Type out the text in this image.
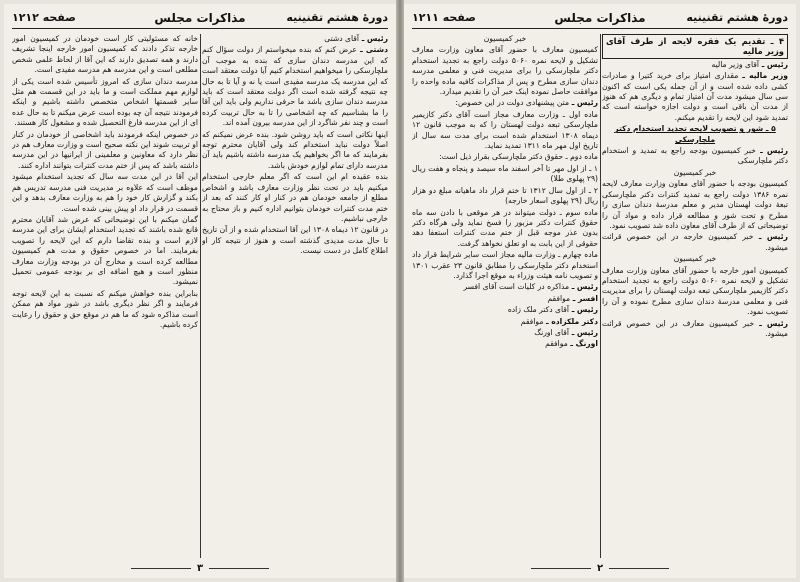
دورهٔ هشتم تقنینیه
مذاکرات مجلس
صفحه ۱۲۱۲

رئیس ـ آقای دشتی

دشتی ـ عرض کنم که بنده میخواستم از دولت سؤال کنم که این مدرسه دندان سازی که بنده به موجب آن ملچارسکی را میخواهیم استخدام کنیم آیا دولت معتقد است که این مدرسه یک مدرسه مفیدی است یا نه و آیا تا به حال چه نتیجه گرفته شده است اگر دولت معتقد است که باید مدرسه دندان سازی باشد ما حرفی نداریم ولی باید این آقا را ما بشناسیم که چه اشخاصی را تا به حال تربیت کرده است و چند نفر شاگرد از این مدرسه بیرون آمده اند.

اینها نکاتی است که باید روشن شود. بنده عرض نمیکنم که اصلاً دولت نباید استخدام کند ولی آقایان محترم توجه بفرمایند که ما اگر بخواهیم یک مدرسه داشته باشیم باید آن مدرسه دارای تمام لوازم خودش باشد.

بنده عقیده ام این است که اگر معلم خارجی استخدام میکنیم باید در تحت نظر وزارت معارف باشد و اشخاص مطلع از جامعه خودمان هم در کنار او کار کنند که بعد از ختم مدت کنترات خودمان بتوانیم اداره کنیم و باز محتاج به خارجی نباشیم.

در قانون ۱۲ دیماه ۱۳۰۸ این آقا استخدام شده و از آن تاریخ تا حال مدت مدیدی گذشته است و هنوز از نتیجه کار او اطلاع کامل در دست نیست.

خانه که مسئولیتی کار است خودمان در کمیسیون امور خارجه تذکر دادند که کمیسیون امور خارجه اینجا تشریف دارند و همه تصدیق دارند که این آقا از لحاظ علمی شخص مطلعی است و این مدرسه هم مدرسه مفیدی است.

مدرسه دندان سازی که امروز تأسیس شده است یکی از لوازم مهم مملکت است و ما باید در این قسمت هم مثل سایر قسمتها اشخاص متخصص داشته باشیم و اینکه فرمودند نتیجه آن چه بوده است عرض میکنم تا به حال عده ای از این مدرسه فارغ التحصیل شده و مشغول کار هستند.

در خصوص اینکه فرمودند باید اشخاصی از خودمان در کنار او تربیت شوند این نکته صحیح است و وزارت معارف هم در نظر دارد که معاونین و معلمینی از ایرانیها در این مدرسه داشته باشد که پس از ختم مدت کنترات بتوانند اداره کنند.

این آقا در این مدت سه سال که تجدید استخدام میشود موظف است که علاوه بر مدیریت فنی مدرسه تدریس هم بکند و گزارش کار خود را هم به وزارت معارف بدهد و این قسمت در قرار داد او پیش بینی شده است.

گمان میکنم با این توضیحاتی که عرض شد آقایان محترم قانع شده باشند که تجدید استخدام ایشان برای این مدرسه لازم است و بنده تقاضا دارم که این لایحه را تصویب بفرمایند. اما در خصوص حقوق و مدت هم کمیسیون مطالعه کرده است و مخارج آن در بودجه وزارت معارف منظور است و هیچ اضافه ای بر بودجه عمومی تحمیل نمیشود.

بنابراین بنده خواهش میکنم که نسبت به این لایحه توجه فرمایند و اگر نظر دیگری باشد در شور مواد هم ممکن است مذاکره شود که ما هم در موقع حق و حقوق را رعایت کرده باشیم.

۳
دورهٔ هشتم تقنینیه
مذاکرات مجلس
صفحه ۱۲۱۱

۴ ـ تقدیم یک فقره لایحه از طرف آقای وزیر مالیه

رئیس ـ آقای وزیر مالیه

وزیر مالیه ـ مقداری امتیاز برای خرید کتیرا و صادرات کشی داده شده است و از آن جمله یکی است که اکنون سی سال میشود مدت آن امتیاز تمام و دیگری هم که هنوز از مدت آن باقی است و دولت اجازه خواسته است که تمدید شود این لایحه را تقدیم میکنم.

۵ ـ شور و تصویب لایحه تجدید استخدام دکتر ملچارسکی

رئیس ـ خبر کمیسیون بودجه راجع به تمدید و استخدام دکتر ملچارسکی

خبر کمیسیون

کمیسیون بودجه با حضور آقای معاون وزارت معارف لایحه نمره ۱۳۸۶ دولت راجع به تمدید کنترات دکتر ملچارسکی تبعهٔ دولت لهستان مدیر و معلم مدرسهٔ دندان سازی را مطرح و تحت شور و مطالعه قرار داده و مواد آن را توضیحاتی که از طرف آقای معاون داده شد تصویب نمود.

رئیس ـ خبر کمیسیون خارجه در این خصوص قرائت میشود.

خبر کمیسیون

کمیسیون امور خارجه با حضور آقای معاون وزارت معارف تشکیل و لایحه نمره ۵۰۶۰ دولت راجع به تجدید استخدام دکتر کازیمیر ملچارسکی تبعه دولت لهستان را برای مدیریت فنی و معلمی مدرسهٔ دندان سازی مطرح نموده و آن را تصویب نمود.

رئیس ـ خبر کمیسیون معارف در این خصوص قرائت میشود.

خبر کمیسیون

کمیسیون معارف با حضور آقای معاون وزارت معارف تشکیل و لایحه نمره ۵۰۶۰ دولت راجع به تجدید استخدام دکتر ملچارسکی را برای مدیریت فنی و معلمی مدرسه دندان سازی مطرح و پس از مذاکرات کافیه ماده واحده را موافقت حاصل نموده اینک خبر آن را تقدیم میدارد.

رئیس ـ متن پیشنهادی دولت در این خصوص:

ماده اول ـ وزارت معارف مجاز است آقای دکتر کازیمیر ملچارسکی تبعه دولت لهستان را که به موجب قانون ۱۲ دیماه ۱۳۰۸ استخدام شده است برای مدت سه سال از تاریخ اول مهر ماه ۱۳۱۱ تمدید نماید.

ماده دوم ـ حقوق دکتر ملچارسکی بقرار ذیل است:

۱ ـ از اول مهر تا آخر اسفند ماه سیصد و پنجاه و هفت ریال (۲۹ پهلوی طلا)

۲ ـ از اول سال ۱۳۱۲ تا ختم قرار داد ماهیانه مبلغ دو هزار ریال (۲۹ پهلوی اسعار خارجه)

ماده سوم ـ دولت میتواند در هر موقعی با دادن سه ماه حقوق کنترات دکتر مزبور را فسخ نماید ولی هرگاه دکتر بدون عذر موجه قبل از ختم مدت کنترات استعفا دهد حقوقی از این بابت به او تعلق نخواهد گرفت.

ماده چهارم ـ وزارت مالیه مجاز است سایر شرایط قرار داد استخدام دکتر ملچارسکی را مطابق قانون ۲۳ عقرب ۱۳۰۱ و تصویب نامه هیئت وزراء به موقع اجرا گذارد.

رئیس ـ مذاکره در کلیات است آقای افسر

افسر ـ موافقم

رئیس ـ آقای دکتر ملک زاده

دکتر ملکزاده ـ موافقم

رئیس ـ آقای اورنگ

اورنگ ـ موافقم

۲
